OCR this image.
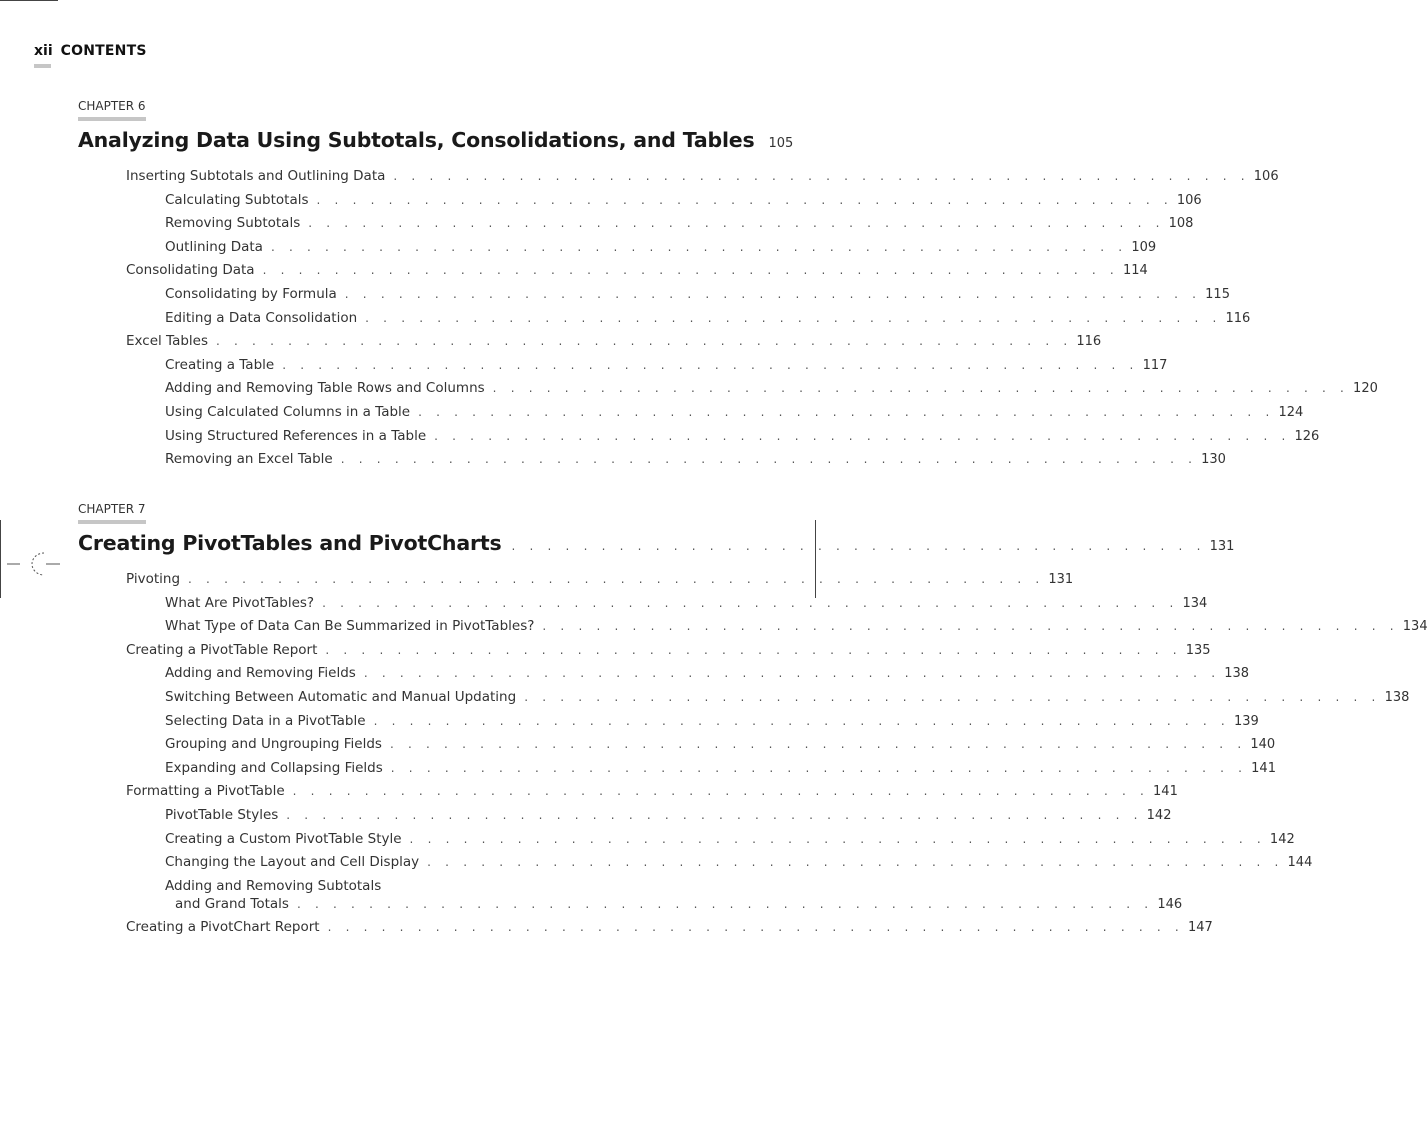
xii CONTENTS
CHAPTER 6
Analyzing Data Using Subtotals, Consolidations, and Tables 105
Inserting Subtotals and Outlining Data . . . . . . . . . . . . . . . . . . . . . . . . . . . . . . . . . . . . . . . . . . . . . . . . 106
Calculating Subtotals . . . . . . . . . . . . . . . . . . . . . . . . . . . . . . . . . . . . . . . . . . . . . . . . 106
Removing Subtotals . . . . . . . . . . . . . . . . . . . . . . . . . . . . . . . . . . . . . . . . . . . . . . . . 108
Outlining Data . . . . . . . . . . . . . . . . . . . . . . . . . . . . . . . . . . . . . . . . . . . . . . . . 109
Consolidating Data . . . . . . . . . . . . . . . . . . . . . . . . . . . . . . . . . . . . . . . . . . . . . . . . 114
Consolidating by Formula . . . . . . . . . . . . . . . . . . . . . . . . . . . . . . . . . . . . . . . . . . . . . . . . 115
Editing a Data Consolidation . . . . . . . . . . . . . . . . . . . . . . . . . . . . . . . . . . . . . . . . . . . . . . . . 116
Excel Tables . . . . . . . . . . . . . . . . . . . . . . . . . . . . . . . . . . . . . . . . . . . . . . . . 116
Creating a Table . . . . . . . . . . . . . . . . . . . . . . . . . . . . . . . . . . . . . . . . . . . . . . . . 117
Adding and Removing Table Rows and Columns . . . . . . . . . . . . . . . . . . . . . . . . . . . . . . . . . . . . . . . . . . . . . . . . 120
Using Calculated Columns in a Table . . . . . . . . . . . . . . . . . . . . . . . . . . . . . . . . . . . . . . . . . . . . . . . . 124
Using Structured References in a Table . . . . . . . . . . . . . . . . . . . . . . . . . . . . . . . . . . . . . . . . . . . . . . . . 126
Removing an Excel Table . . . . . . . . . . . . . . . . . . . . . . . . . . . . . . . . . . . . . . . . . . . . . . . . 130
CHAPTER 7
Creating PivotTables and PivotCharts . . . . . . . . . . . . . . . . . . . . . . . . . . . . . . . . . . . . . . . 131
Pivoting . . . . . . . . . . . . . . . . . . . . . . . . . . . . . . . . . . . . . . . . . . . . . . . . 131
What Are PivotTables? . . . . . . . . . . . . . . . . . . . . . . . . . . . . . . . . . . . . . . . . . . . . . . . . 134
What Type of Data Can Be Summarized in PivotTables? . . . . . . . . . . . . . . . . . . . . . . . . . . . . . . . . . . . . . . . . . . . . . . . . 134
Creating a PivotTable Report . . . . . . . . . . . . . . . . . . . . . . . . . . . . . . . . . . . . . . . . . . . . . . . . 135
Adding and Removing Fields . . . . . . . . . . . . . . . . . . . . . . . . . . . . . . . . . . . . . . . . . . . . . . . . 138
Switching Between Automatic and Manual Updating . . . . . . . . . . . . . . . . . . . . . . . . . . . . . . . . . . . . . . . . . . . . . . . . 138
Selecting Data in a PivotTable . . . . . . . . . . . . . . . . . . . . . . . . . . . . . . . . . . . . . . . . . . . . . . . . 139
Grouping and Ungrouping Fields . . . . . . . . . . . . . . . . . . . . . . . . . . . . . . . . . . . . . . . . . . . . . . . . 140
Expanding and Collapsing Fields . . . . . . . . . . . . . . . . . . . . . . . . . . . . . . . . . . . . . . . . . . . . . . . . 141
Formatting a PivotTable . . . . . . . . . . . . . . . . . . . . . . . . . . . . . . . . . . . . . . . . . . . . . . . . 141
PivotTable Styles . . . . . . . . . . . . . . . . . . . . . . . . . . . . . . . . . . . . . . . . . . . . . . . . 142
Creating a Custom PivotTable Style . . . . . . . . . . . . . . . . . . . . . . . . . . . . . . . . . . . . . . . . . . . . . . . . 142
Changing the Layout and Cell Display . . . . . . . . . . . . . . . . . . . . . . . . . . . . . . . . . . . . . . . . . . . . . . . . 144
Adding and Removing Subtotals
and Grand Totals . . . . . . . . . . . . . . . . . . . . . . . . . . . . . . . . . . . . . . . . . . . . . . . . 146
Creating a PivotChart Report . . . . . . . . . . . . . . . . . . . . . . . . . . . . . . . . . . . . . . . . . . . . . . . . 147
